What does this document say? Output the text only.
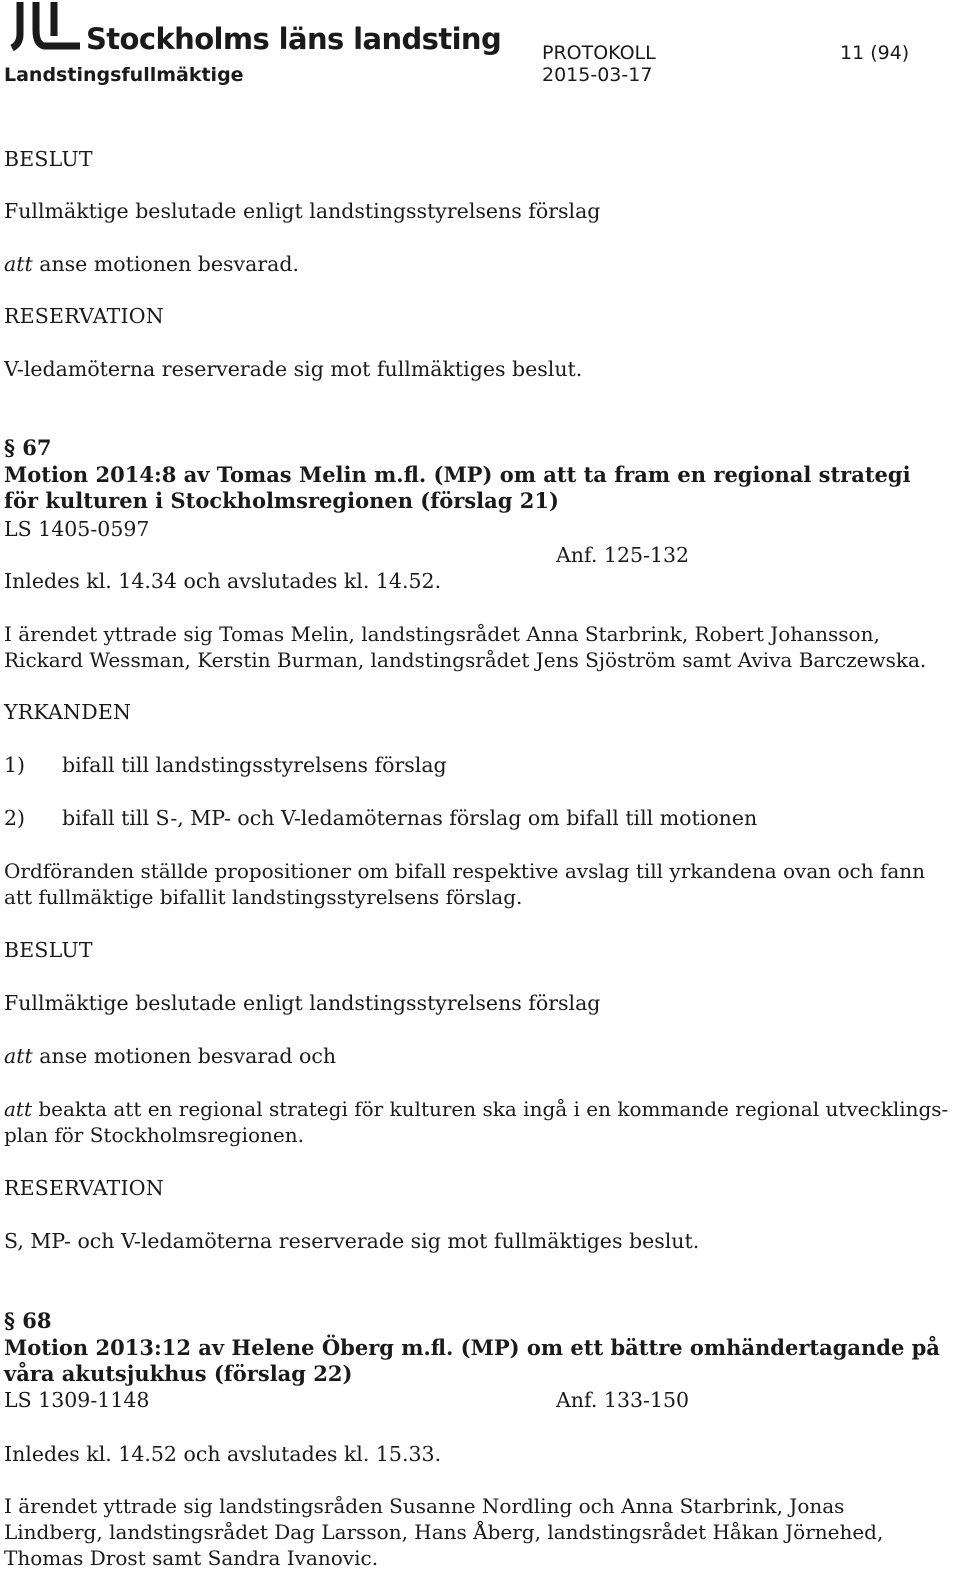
Stockholms läns landsting
Landstingsfullmäktige
PROTOKOLL
2015-03-17
11 (94)

BESLUT

Fullmäktige beslutade enligt landstingsstyrelsens förslag

att anse motionen besvarad.

RESERVATION

V-ledamöterna reserverade sig mot fullmäktiges beslut.

§ 67

Motion 2014:8 av Tomas Melin m.fl. (MP) om att ta fram en regional strategi

för kulturen i Stockholmsregionen (förslag 21)

LS 1405-0597

Anf. 125-132

Inledes kl. 14.34 och avslutades kl. 14.52.

I ärendet yttrade sig Tomas Melin, landstingsrådet Anna Starbrink, Robert Johansson,

Rickard Wessman, Kerstin Burman, landstingsrådet Jens Sjöström samt Aviva Barczewska.

YRKANDEN

1) bifall till landstingsstyrelsens förslag

2) bifall till S-, MP- och V-ledamöternas förslag om bifall till motionen

Ordföranden ställde propositioner om bifall respektive avslag till yrkandena ovan och fann

att fullmäktige bifallit landstingsstyrelsens förslag.

BESLUT

Fullmäktige beslutade enligt landstingsstyrelsens förslag

att anse motionen besvarad och

att beakta att en regional strategi för kulturen ska ingå i en kommande regional utvecklings-

plan för Stockholmsregionen.

RESERVATION

S, MP- och V-ledamöterna reserverade sig mot fullmäktiges beslut.

§ 68

Motion 2013:12 av Helene Öberg m.fl. (MP) om ett bättre omhändertagande på

våra akutsjukhus (förslag 22)

LS 1309-1148	Anf. 133-150

Inledes kl. 14.52 och avslutades kl. 15.33.

I ärendet yttrade sig landstingsråden Susanne Nordling och Anna Starbrink, Jonas

Lindberg, landstingsrådet Dag Larsson, Hans Åberg, landstingsrådet Håkan Jörnehed,

Thomas Drost samt Sandra Ivanovic.
